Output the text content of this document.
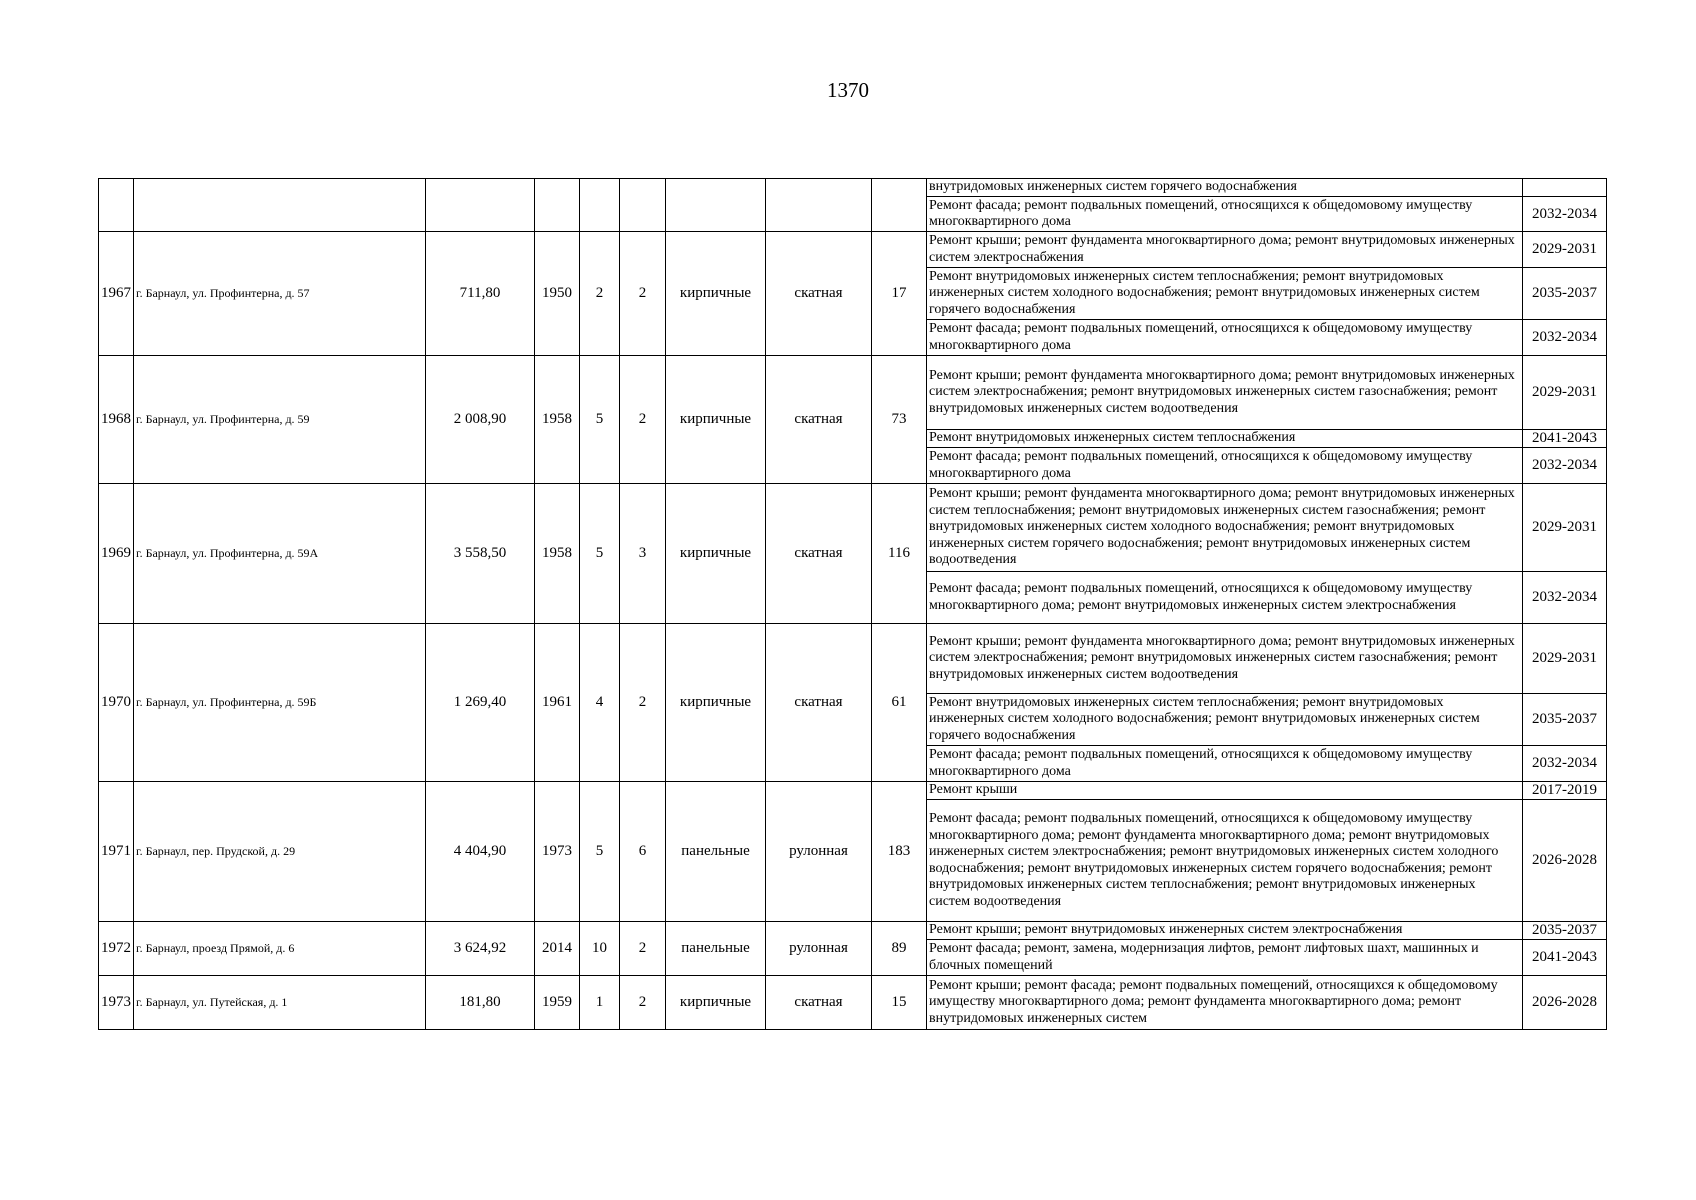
1370
									внутридомовых инженерных систем горячего водоснабжения	
									Ремонт фасада; ремонт подвальных помещений, относящихся к общедомовому имуществу многоквартирного дома	2032-2034
1967	г. Барнаул, ул. Профинтерна, д. 57	711,80	1950	2	2	кирпичные	скатная	17	Ремонт крыши; ремонт фундамента многоквартирного дома; ремонт внутридомовых инженерных систем электроснабжения	2029-2031
									Ремонт внутридомовых инженерных систем теплоснабжения; ремонт внутридомовых инженерных систем холодного водоснабжения; ремонт внутридомовых инженерных систем горячего водоснабжения	2035-2037
									Ремонт фасада; ремонт подвальных помещений, относящихся к общедомовому имуществу многоквартирного дома	2032-2034
1968	г. Барнаул, ул. Профинтерна, д. 59	2 008,90	1958	5	2	кирпичные	скатная	73	Ремонт крыши; ремонт фундамента многоквартирного дома; ремонт внутридомовых инженерных систем электроснабжения; ремонт внутридомовых инженерных систем газоснабжения; ремонт внутридомовых инженерных систем водоотведения	2029-2031
									Ремонт внутридомовых инженерных систем теплоснабжения	2041-2043
									Ремонт фасада; ремонт подвальных помещений, относящихся к общедомовому имуществу многоквартирного дома	2032-2034
1969	г. Барнаул, ул. Профинтерна, д. 59А	3 558,50	1958	5	3	кирпичные	скатная	116	Ремонт крыши; ремонт фундамента многоквартирного дома; ремонт внутридомовых инженерных систем теплоснабжения; ремонт внутридомовых инженерных систем газоснабжения; ремонт внутридомовых инженерных систем холодного водоснабжения; ремонт внутридомовых инженерных систем горячего водоснабжения; ремонт внутридомовых инженерных систем водоотведения	2029-2031
									Ремонт фасада; ремонт подвальных помещений, относящихся к общедомовому имуществу многоквартирного дома; ремонт внутридомовых инженерных систем электроснабжения	2032-2034
1970	г. Барнаул, ул. Профинтерна, д. 59Б	1 269,40	1961	4	2	кирпичные	скатная	61	Ремонт крыши; ремонт фундамента многоквартирного дома; ремонт внутридомовых инженерных систем электроснабжения; ремонт внутридомовых инженерных систем газоснабжения; ремонт внутридомовых инженерных систем водоотведения	2029-2031
									Ремонт внутридомовых инженерных систем теплоснабжения; ремонт внутридомовых инженерных систем холодного водоснабжения; ремонт внутридомовых инженерных систем горячего водоснабжения	2035-2037
									Ремонт фасада; ремонт подвальных помещений, относящихся к общедомовому имуществу многоквартирного дома	2032-2034
1971	г. Барнаул, пер. Прудской, д. 29	4 404,90	1973	5	6	панельные	рулонная	183	Ремонт крыши	2017-2019
									Ремонт фасада; ремонт подвальных помещений, относящихся к общедомовому имуществу многоквартирного дома; ремонт фундамента многоквартирного дома; ремонт внутридомовых инженерных систем электроснабжения; ремонт внутридомовых инженерных систем холодного водоснабжения; ремонт внутридомовых инженерных систем горячего водоснабжения; ремонт внутридомовых инженерных систем теплоснабжения; ремонт внутридомовых инженерных систем водоотведения	2026-2028
1972	г. Барнаул, проезд Прямой, д. 6	3 624,92	2014	10	2	панельные	рулонная	89	Ремонт крыши; ремонт внутридомовых инженерных систем электроснабжения	2035-2037
									Ремонт фасада; ремонт, замена, модернизация лифтов, ремонт лифтовых шахт, машинных и блочных помещений	2041-2043
1973	г. Барнаул, ул. Путейская, д. 1	181,80	1959	1	2	кирпичные	скатная	15	Ремонт крыши; ремонт фасада; ремонт подвальных помещений, относящихся к общедомовому имуществу многоквартирного дома; ремонт фундамента многоквартирного дома; ремонт внутридомовых инженерных систем	2026-2028
